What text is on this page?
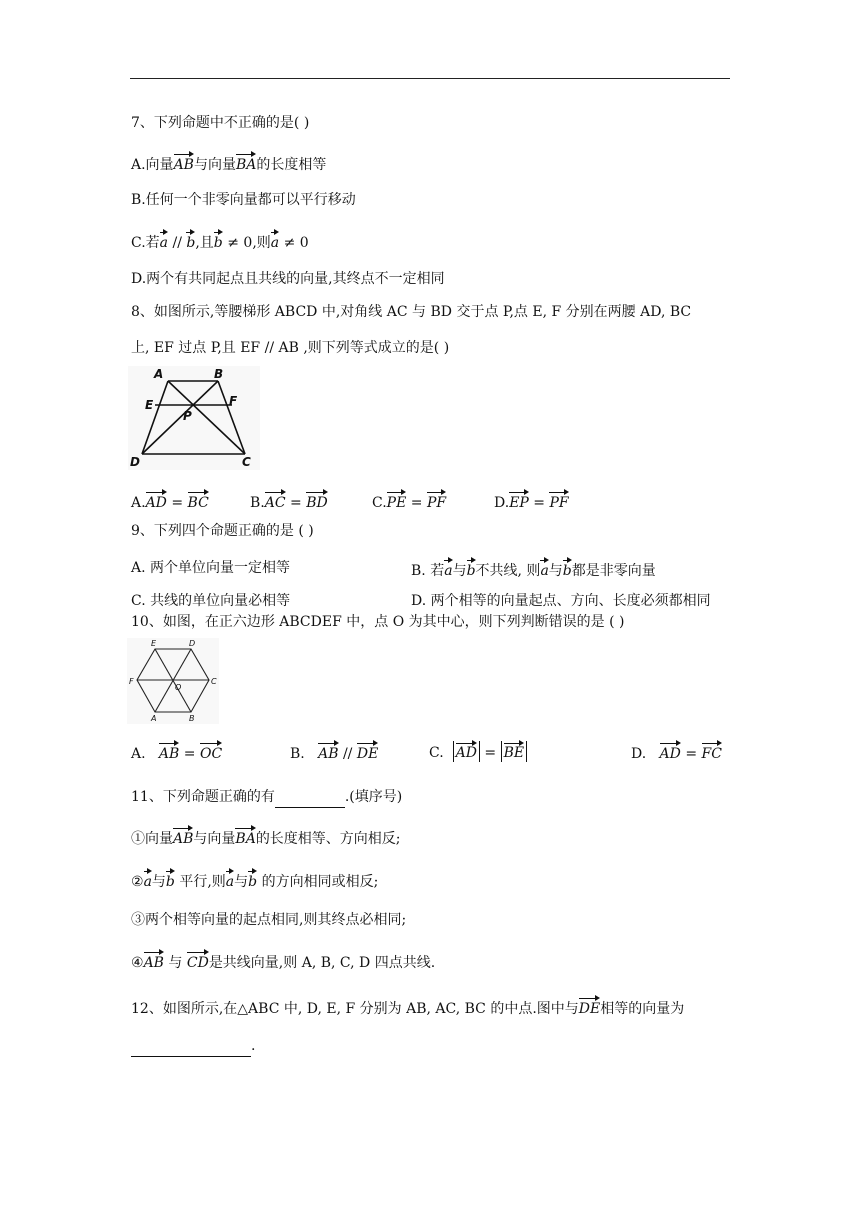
7、下列命题中不正确的是( )
A.向量AB与向量BA的长度相等
B.任何一个非零向量都可以平行移动
C.若a // b,且b ≠ 0,则a ≠ 0
D.两个有共同起点且共线的向量,其终点不一定相同
8、如图所示,等腰梯形 ABCD 中,对角线 AC 与 BD 交于点 P,点 E, F 分别在两腰 AD, BC
上, EF 过点 P,且 EF // AB ,则下列等式成立的是( )
A	B
E	F
P
D	C
A.AD = BC	B.AC = BD	C.PE = PF	D.EP = PF
9、下列四个命题正确的是 ( )
A. 两个单位向量一定相等	B. 若a与b不共线, 则a与b都是非零向量
C. 共线的单位向量必相等	D. 两个相等的向量起点、方向、长度必须都相同
10、如图，在正六边形 ABCDEF 中，点 O 为其中心，则下列判断错误的是 ( )
E	D
F
O
C
A	B
A. AB = OC	B. AB // DE	C. AD = BE	D. AD = FC
11、下列命题正确的有	.(填序号)
①向量AB与向量BA的长度相等、方向相反;
②a与b 平行,则a与b 的方向相同或相反;
③两个相等向量的起点相同,则其终点必相同;
④AB 与 CD是共线向量,则 A, B, C, D 四点共线.
12、如图所示,在△ABC 中, D, E, F 分别为 AB, AC, BC 的中点.图中与DE相等的向量为
.
